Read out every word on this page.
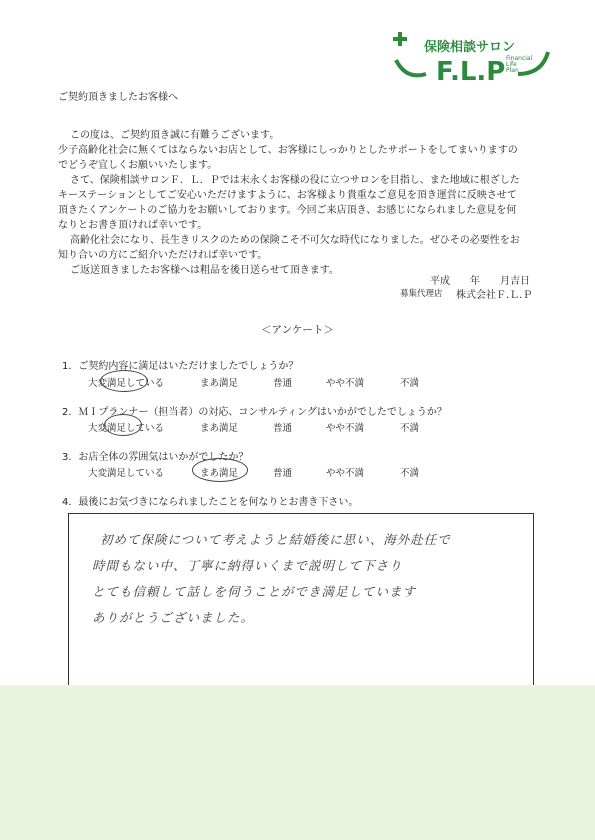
F.L.P
保険相談サロン
Financial
Life
Plan
ご契約頂きましたお客様へ
この度は、ご契約頂き誠に有難うございます。
少子高齢化社会に無くてはならないお店として、お客様にしっかりとしたサポートをしてまいりますの
でどうぞ宜しくお願いいたします。
さて、保険相談サロンＦ．Ｌ．Ｐでは末永くお客様の役に立つサロンを目指し、また地域に根ざした
キーステーションとしてご安心いただけますように、お客様より貴重なご意見を頂き運営に反映させて
頂きたくアンケートのご協力をお願いしております。今回ご来店頂き、お感じになられました意見を何
なりとお書き頂ければ幸いです。
高齢化社会になり、長生きリスクのための保険こそ不可欠な時代になりました。ぜひその必要性をお
知り合いの方にご紹介いただければ幸いです。
ご返送頂きましたお客様へは粗品を後日送らせて頂きます。
平成　　年　　月吉日
募集代理店 株式会社Ｆ.Ｌ.Ｐ
＜アンケート＞
1．ご契約内容に満足はいただけましたでしょうか？
大変満足している	まあ満足	普通	やや不満	不満
2．ＭＩプランナー（担当者）の対応、コンサルティングはいかがでしたでしょうか？
大変満足している	まあ満足	普通	やや不満	不満
3．お店全体の雰囲気はいかがでしたか？
大変満足している	まあ満足	普通	やや不満	不満
4．最後にお気づきになられましたことを何なりとお書き下さい。
初めて保険について考えようと結婚後に思い、海外赴任で
時間もない中、丁寧に納得いくまで説明して下さり
とても信頼して話しを伺うことができ満足しています
ありがとうございました。
